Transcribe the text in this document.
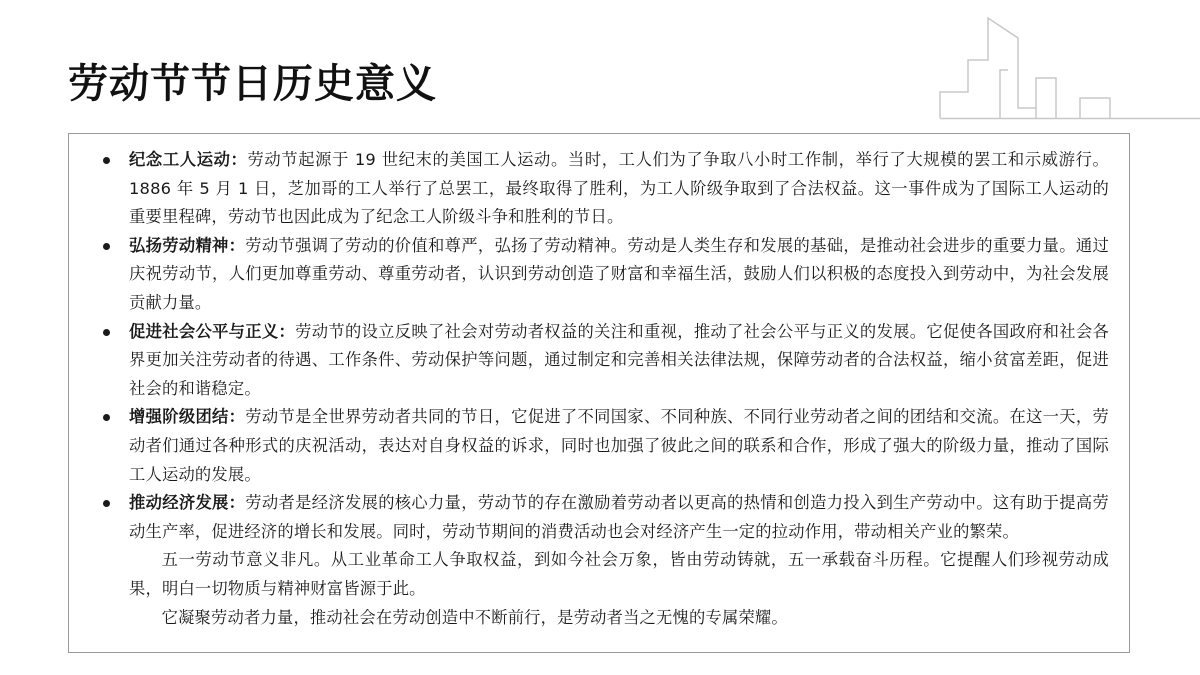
劳动节节日历史意义
纪念工人运动：劳动节起源于 19 世纪末的美国工人运动。当时，工人们为了争取八小时工作制，举行了大规模的罢工和示威游行。1886 年 5 月 1 日，芝加哥的工人举行了总罢工，最终取得了胜利，为工人阶级争取到了合法权益。这一事件成为了国际工人运动的重要里程碑，劳动节也因此成为了纪念工人阶级斗争和胜利的节日。
弘扬劳动精神：劳动节强调了劳动的价值和尊严，弘扬了劳动精神。劳动是人类生存和发展的基础，是推动社会进步的重要力量。通过庆祝劳动节，人们更加尊重劳动、尊重劳动者，认识到劳动创造了财富和幸福生活，鼓励人们以积极的态度投入到劳动中，为社会发展贡献力量。
促进社会公平与正义：劳动节的设立反映了社会对劳动者权益的关注和重视，推动了社会公平与正义的发展。它促使各国政府和社会各界更加关注劳动者的待遇、工作条件、劳动保护等问题，通过制定和完善相关法律法规，保障劳动者的合法权益，缩小贫富差距，促进社会的和谐稳定。
增强阶级团结：劳动节是全世界劳动者共同的节日，它促进了不同国家、不同种族、不同行业劳动者之间的团结和交流。在这一天，劳动者们通过各种形式的庆祝活动，表达对自身权益的诉求，同时也加强了彼此之间的联系和合作，形成了强大的阶级力量，推动了国际工人运动的发展。
推动经济发展：劳动者是经济发展的核心力量，劳动节的存在激励着劳动者以更高的热情和创造力投入到生产劳动中。这有助于提高劳动生产率，促进经济的增长和发展。同时，劳动节期间的消费活动也会对经济产生一定的拉动作用，带动相关产业的繁荣。

五一劳动节意义非凡。从工业革命工人争取权益，到如今社会万象，皆由劳动铸就，五一承载奋斗历程。它提醒人们珍视劳动成果，明白一切物质与精神财富皆源于此。

它凝聚劳动者力量，推动社会在劳动创造中不断前行，是劳动者当之无愧的专属荣耀。
